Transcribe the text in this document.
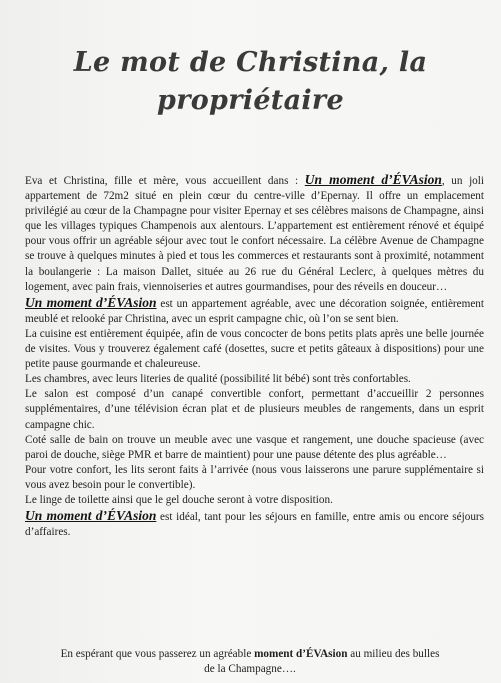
Le mot de Christina, la
propriétaire

Eva et Christina, fille et mère, vous accueillent dans : Un moment d’ÉVAsion, un joli appartement de 72m2 situé en plein cœur du centre-ville d’Epernay. Il offre un emplacement privilégié au cœur de la Champagne pour visiter Epernay et ses célèbres maisons de Champagne, ainsi que les villages typiques Champenois aux alentours. L’appartement est entièrement rénové et équipé pour vous offrir un agréable séjour avec tout le confort nécessaire. La célèbre Avenue de Champagne se trouve à quelques minutes à pied et tous les commerces et restaurants sont à proximité, notamment la boulangerie : La maison Dallet, située au 26 rue du Général Leclerc, à quelques mètres du logement, avec pain frais, viennoiseries et autres gourmandises, pour des réveils en douceur…

Un moment d’ÉVAsion est un appartement agréable, avec une décoration soignée, entièrement meublé et relooké par Christina, avec un esprit campagne chic, où l’on se sent bien.

La cuisine est entièrement équipée, afin de vous concocter de bons petits plats après une belle journée de visites. Vous y trouverez également café (dosettes, sucre et petits gâteaux à dispositions) pour une petite pause gourmande et chaleureuse.

Les chambres, avec leurs literies de qualité (possibilité lit bébé) sont très confortables.

Le salon est composé d’un canapé convertible confort, permettant d’accueillir 2 personnes supplémentaires, d’une télévision écran plat et de plusieurs meubles de rangements, dans un esprit campagne chic.

Coté salle de bain on trouve un meuble avec une vasque et rangement, une douche spacieuse (avec paroi de douche, siège PMR et barre de maintient) pour une pause détente des plus agréable…

Pour votre confort, les lits seront faits à l’arrivée (nous vous laisserons une parure supplémentaire si vous avez besoin pour le convertible).

Le linge de toilette ainsi que le gel douche seront à votre disposition.

Un moment d’ÉVAsion est idéal, tant pour les séjours en famille, entre amis ou encore séjours d’affaires.

En espérant que vous passerez un agréable moment d’ÉVAsion au milieu des bulles de la Champagne….
